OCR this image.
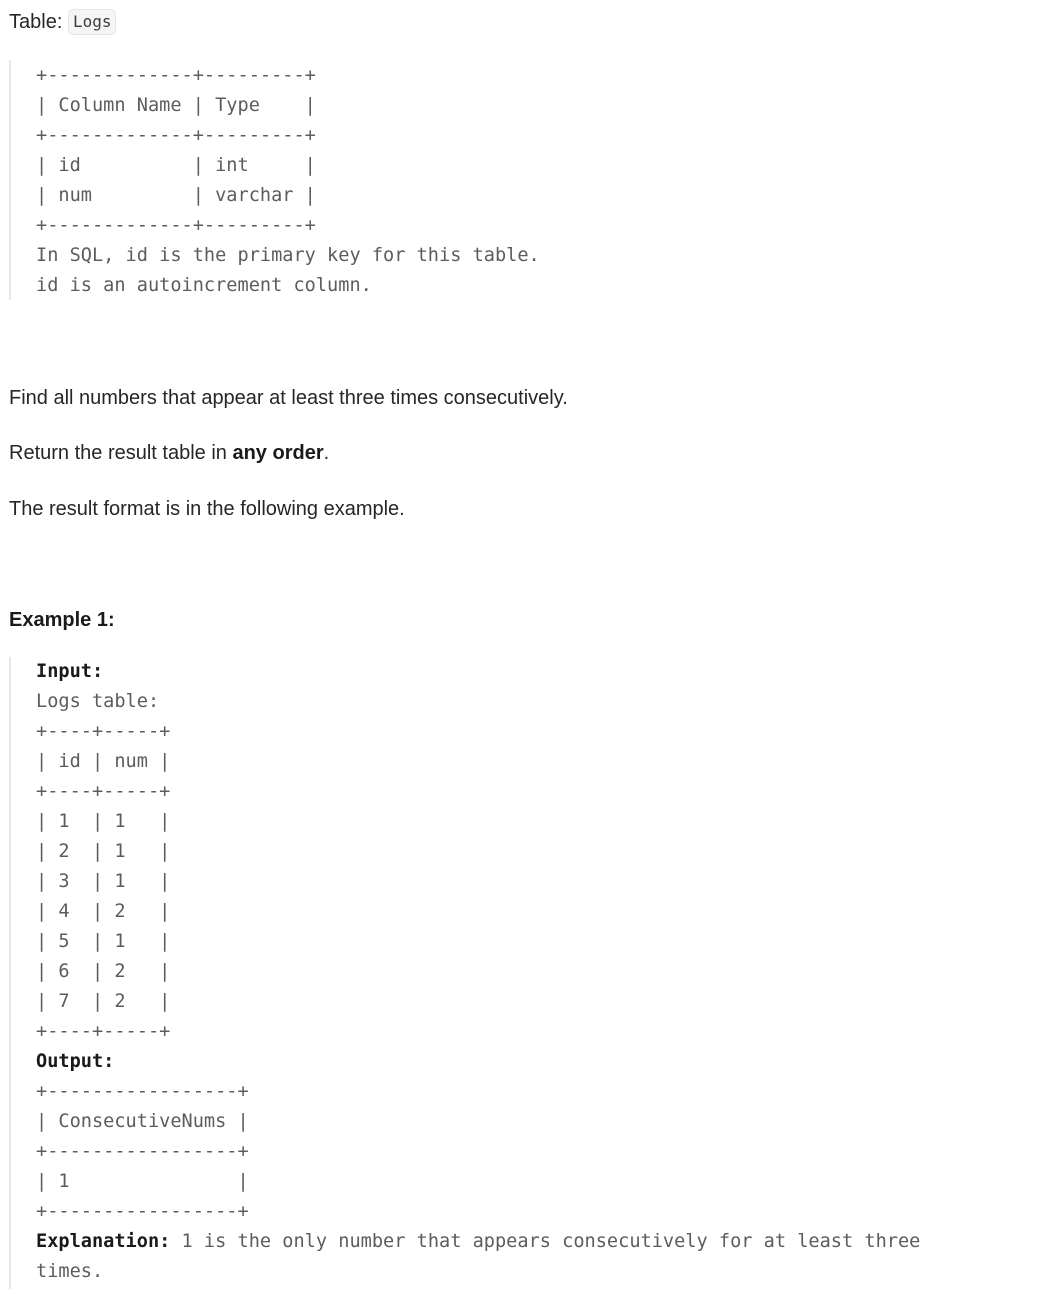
Table: Logs
+-------------+---------+
| Column Name | Type    |
+-------------+---------+
| id          | int     |
| num         | varchar |
+-------------+---------+
In SQL, id is the primary key for this table.
id is an autoincrement column.

Find all numbers that appear at least three times consecutively.

Return the result table in any order.

The result format is in the following example.

Example 1:
Input:
Logs table:
+----+-----+
| id | num |
+----+-----+
| 1  | 1   |
| 2  | 1   |
| 3  | 1   |
| 4  | 2   |
| 5  | 1   |
| 6  | 2   |
| 7  | 2   |
+----+-----+
Output:
+-----------------+
| ConsecutiveNums |
+-----------------+
| 1               |
+-----------------+
Explanation: 1 is the only number that appears consecutively for at least three
times.
